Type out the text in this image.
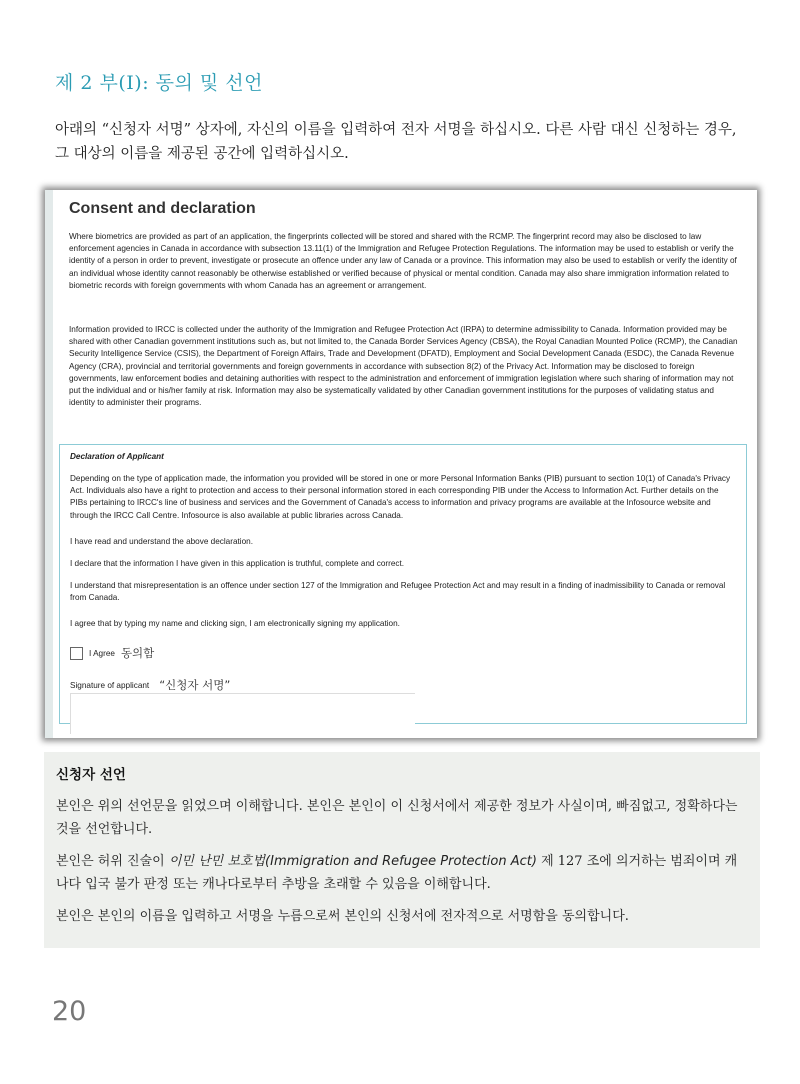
제 2 부(I): 동의 및 선언
아래의 “신청자 서명” 상자에, 자신의 이름을 입력하여 전자 서명을 하십시오. 다른 사람 대신 신청하는 경우, 그 대상의 이름을 제공된 공간에 입력하십시오.
Consent and declaration

Where biometrics are provided as part of an application, the fingerprints collected will be stored and shared with the RCMP. The fingerprint record may also be disclosed to law enforcement agencies in Canada in accordance with subsection 13.11(1) of the Immigration and Refugee Protection Regulations. The information may be used to establish or verify the identity of a person in order to prevent, investigate or prosecute an offence under any law of Canada or a province. This information may also be used to establish or verify the identity of an individual whose identity cannot reasonably be otherwise established or verified because of physical or mental condition. Canada may also share immigration information related to biometric records with foreign governments with whom Canada has an agreement or arrangement.

Information provided to IRCC is collected under the authority of the Immigration and Refugee Protection Act (IRPA) to determine admissibility to Canada. Information provided may be shared with other Canadian government institutions such as, but not limited to, the Canada Border Services Agency (CBSA), the Royal Canadian Mounted Police (RCMP), the Canadian Security Intelligence Service (CSIS), the Department of Foreign Affairs, Trade and Development (DFATD), Employment and Social Development Canada (ESDC), the Canada Revenue Agency (CRA), provincial and territorial governments and foreign governments in accordance with subsection 8(2) of the Privacy Act. Information may be disclosed to foreign governments, law enforcement bodies and detaining authorities with respect to the administration and enforcement of immigration legislation where such sharing of information may not put the individual and or his/her family at risk. Information may also be systematically validated by other Canadian government institutions for the purposes of validating status and identity to administer their programs.

Declaration of Applicant

Depending on the type of application made, the information you provided will be stored in one or more Personal Information Banks (PIB) pursuant to section 10(1) of Canada's Privacy Act. Individuals also have a right to protection and access to their personal information stored in each corresponding PIB under the Access to Information Act. Further details on the PIBs pertaining to IRCC's line of business and services and the Government of Canada's access to information and privacy programs are available at the Infosource website and through the IRCC Call Centre. Infosource is also available at public libraries across Canada.

I have read and understand the above declaration.

I declare that the information I have given in this application is truthful, complete and correct.

I understand that misrepresentation is an offence under section 127 of the Immigration and Refugee Protection Act and may result in a finding of inadmissibility to Canada or removal from Canada.

I agree that by typing my name and clicking sign, I am electronically signing my application.

I Agree 동의함
Signature of applicant “신청자 서명”
신청자 선언

본인은 위의 선언문을 읽었으며 이해합니다. 본인은 본인이 이 신청서에서 제공한 정보가 사실이며, 빠짐없고, 정확하다는 것을 선언합니다.

본인은 허위 진술이 이민 난민 보호법(Immigration and Refugee Protection Act) 제 127 조에 의거하는 범죄이며 캐나다 입국 불가 판정 또는 캐나다로부터 추방을 초래할 수 있음을 이해합니다.

본인은 본인의 이름을 입력하고 서명을 누름으로써 본인의 신청서에 전자적으로 서명함을 동의합니다.

20
